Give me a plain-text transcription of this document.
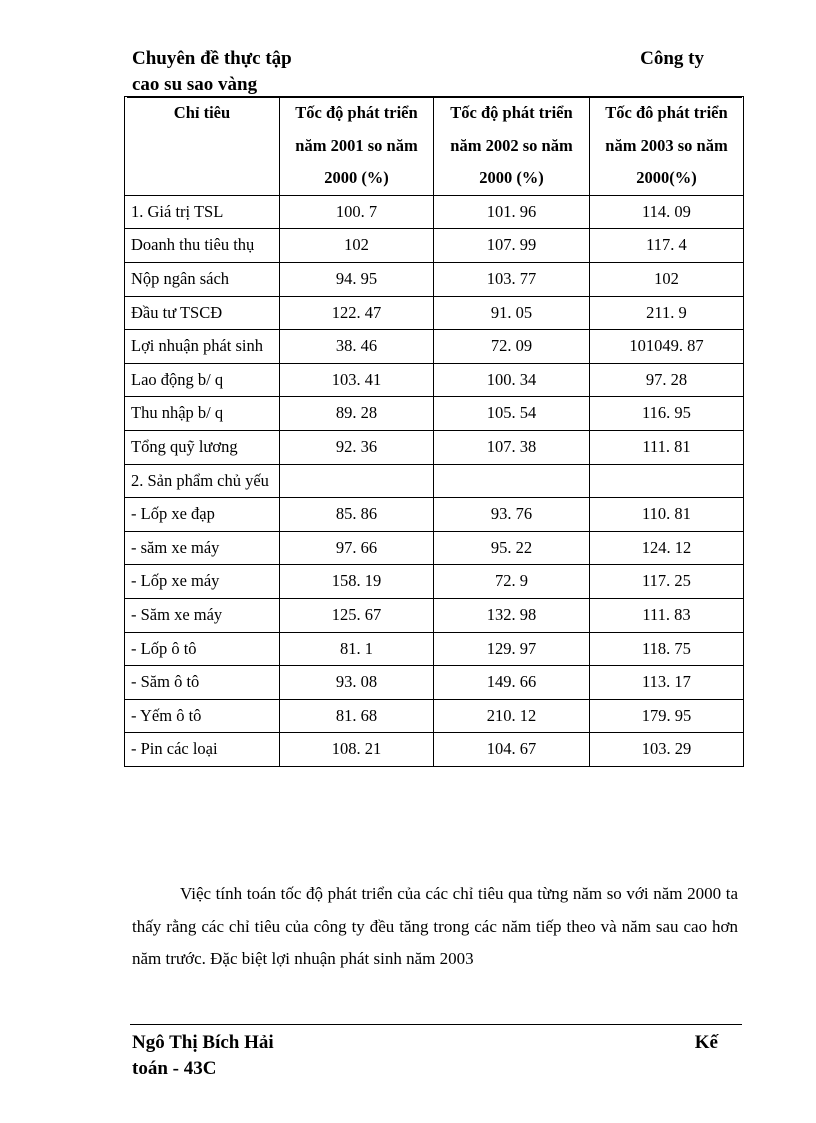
Chuyên đề thực tập	Công ty
cao su sao vàng
Chỉ tiêu	Tốc độ phát triển năm 2001 so năm 2000 (%)	Tốc độ phát triển năm 2002 so năm 2000 (%)	Tốc đô phát triển năm 2003 so năm 2000(%)
1. Giá trị TSL	100. 7	101. 96	114. 09
Doanh thu tiêu thụ	102	107. 99	117. 4
Nộp ngân sách	94. 95	103. 77	102
Đầu tư TSCĐ	122. 47	91. 05	211. 9
Lợi nhuận phát sinh	38. 46	72. 09	101049. 87
Lao động b/ q	103. 41	100. 34	97. 28
Thu nhập b/ q	89. 28	105. 54	116. 95
Tổng quỹ lương	92. 36	107. 38	111. 81
2. Sản phẩm chủ yếu			
- Lốp xe đạp	85. 86	93. 76	110. 81
- săm xe máy	97. 66	95. 22	124. 12
- Lốp xe máy	158. 19	72. 9	117. 25
- Săm xe máy	125. 67	132. 98	111. 83
- Lốp ô tô	81. 1	129. 97	118. 75
- Săm ô tô	93. 08	149. 66	113. 17
- Yếm ô tô	81. 68	210. 12	179. 95
- Pin các loại	108. 21	104. 67	103. 29
Việc tính toán tốc độ phát triển của các chỉ tiêu qua từng năm so với năm 2000 ta thấy rằng các chỉ tiêu của công ty đều tăng trong các năm tiếp theo và năm sau cao hơn năm trước. Đặc biệt lợi nhuận phát sinh năm 2003
Ngô Thị Bích Hải	Kế
toán - 43C
